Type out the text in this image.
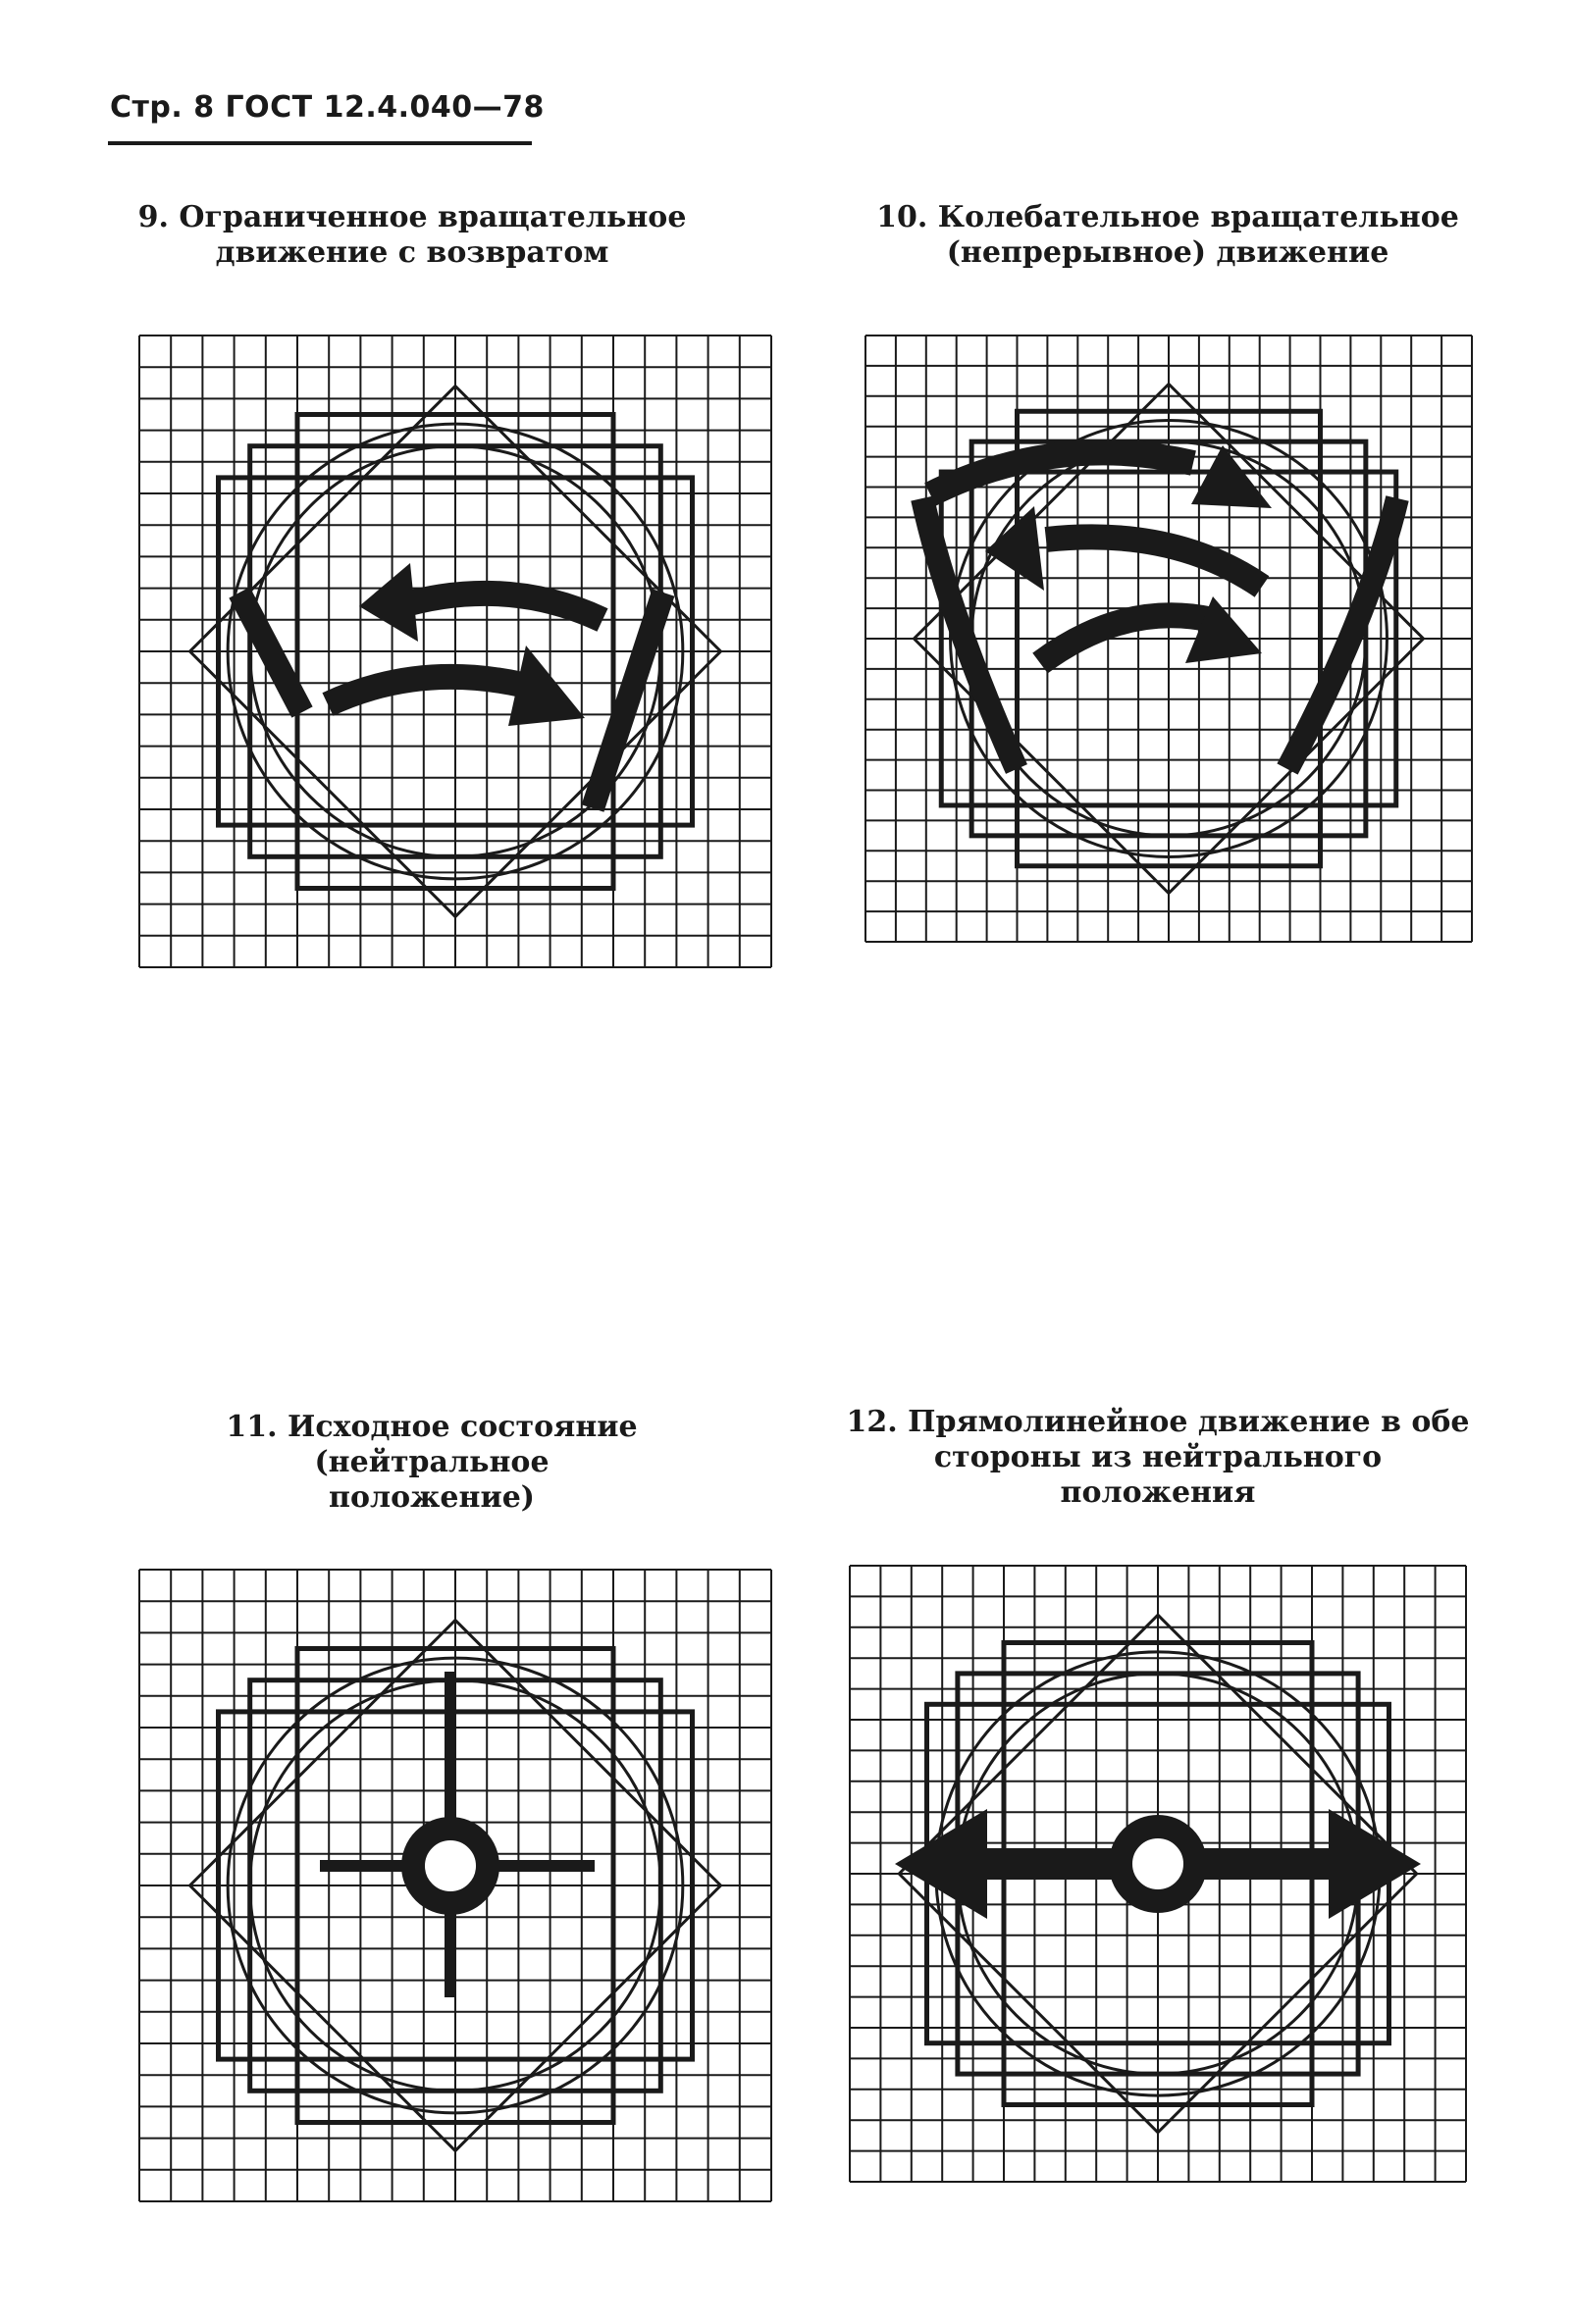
Стр. 8 ГОСТ 12.4.040—78
9. Ограниченное вращательное
движение с возвратом
10. Колебательное вращательное
(непрерывное) движение
11. Исходное состояние (нейтральное
положение)
12. Прямолинейное движение в обе
стороны из нейтрального положения
